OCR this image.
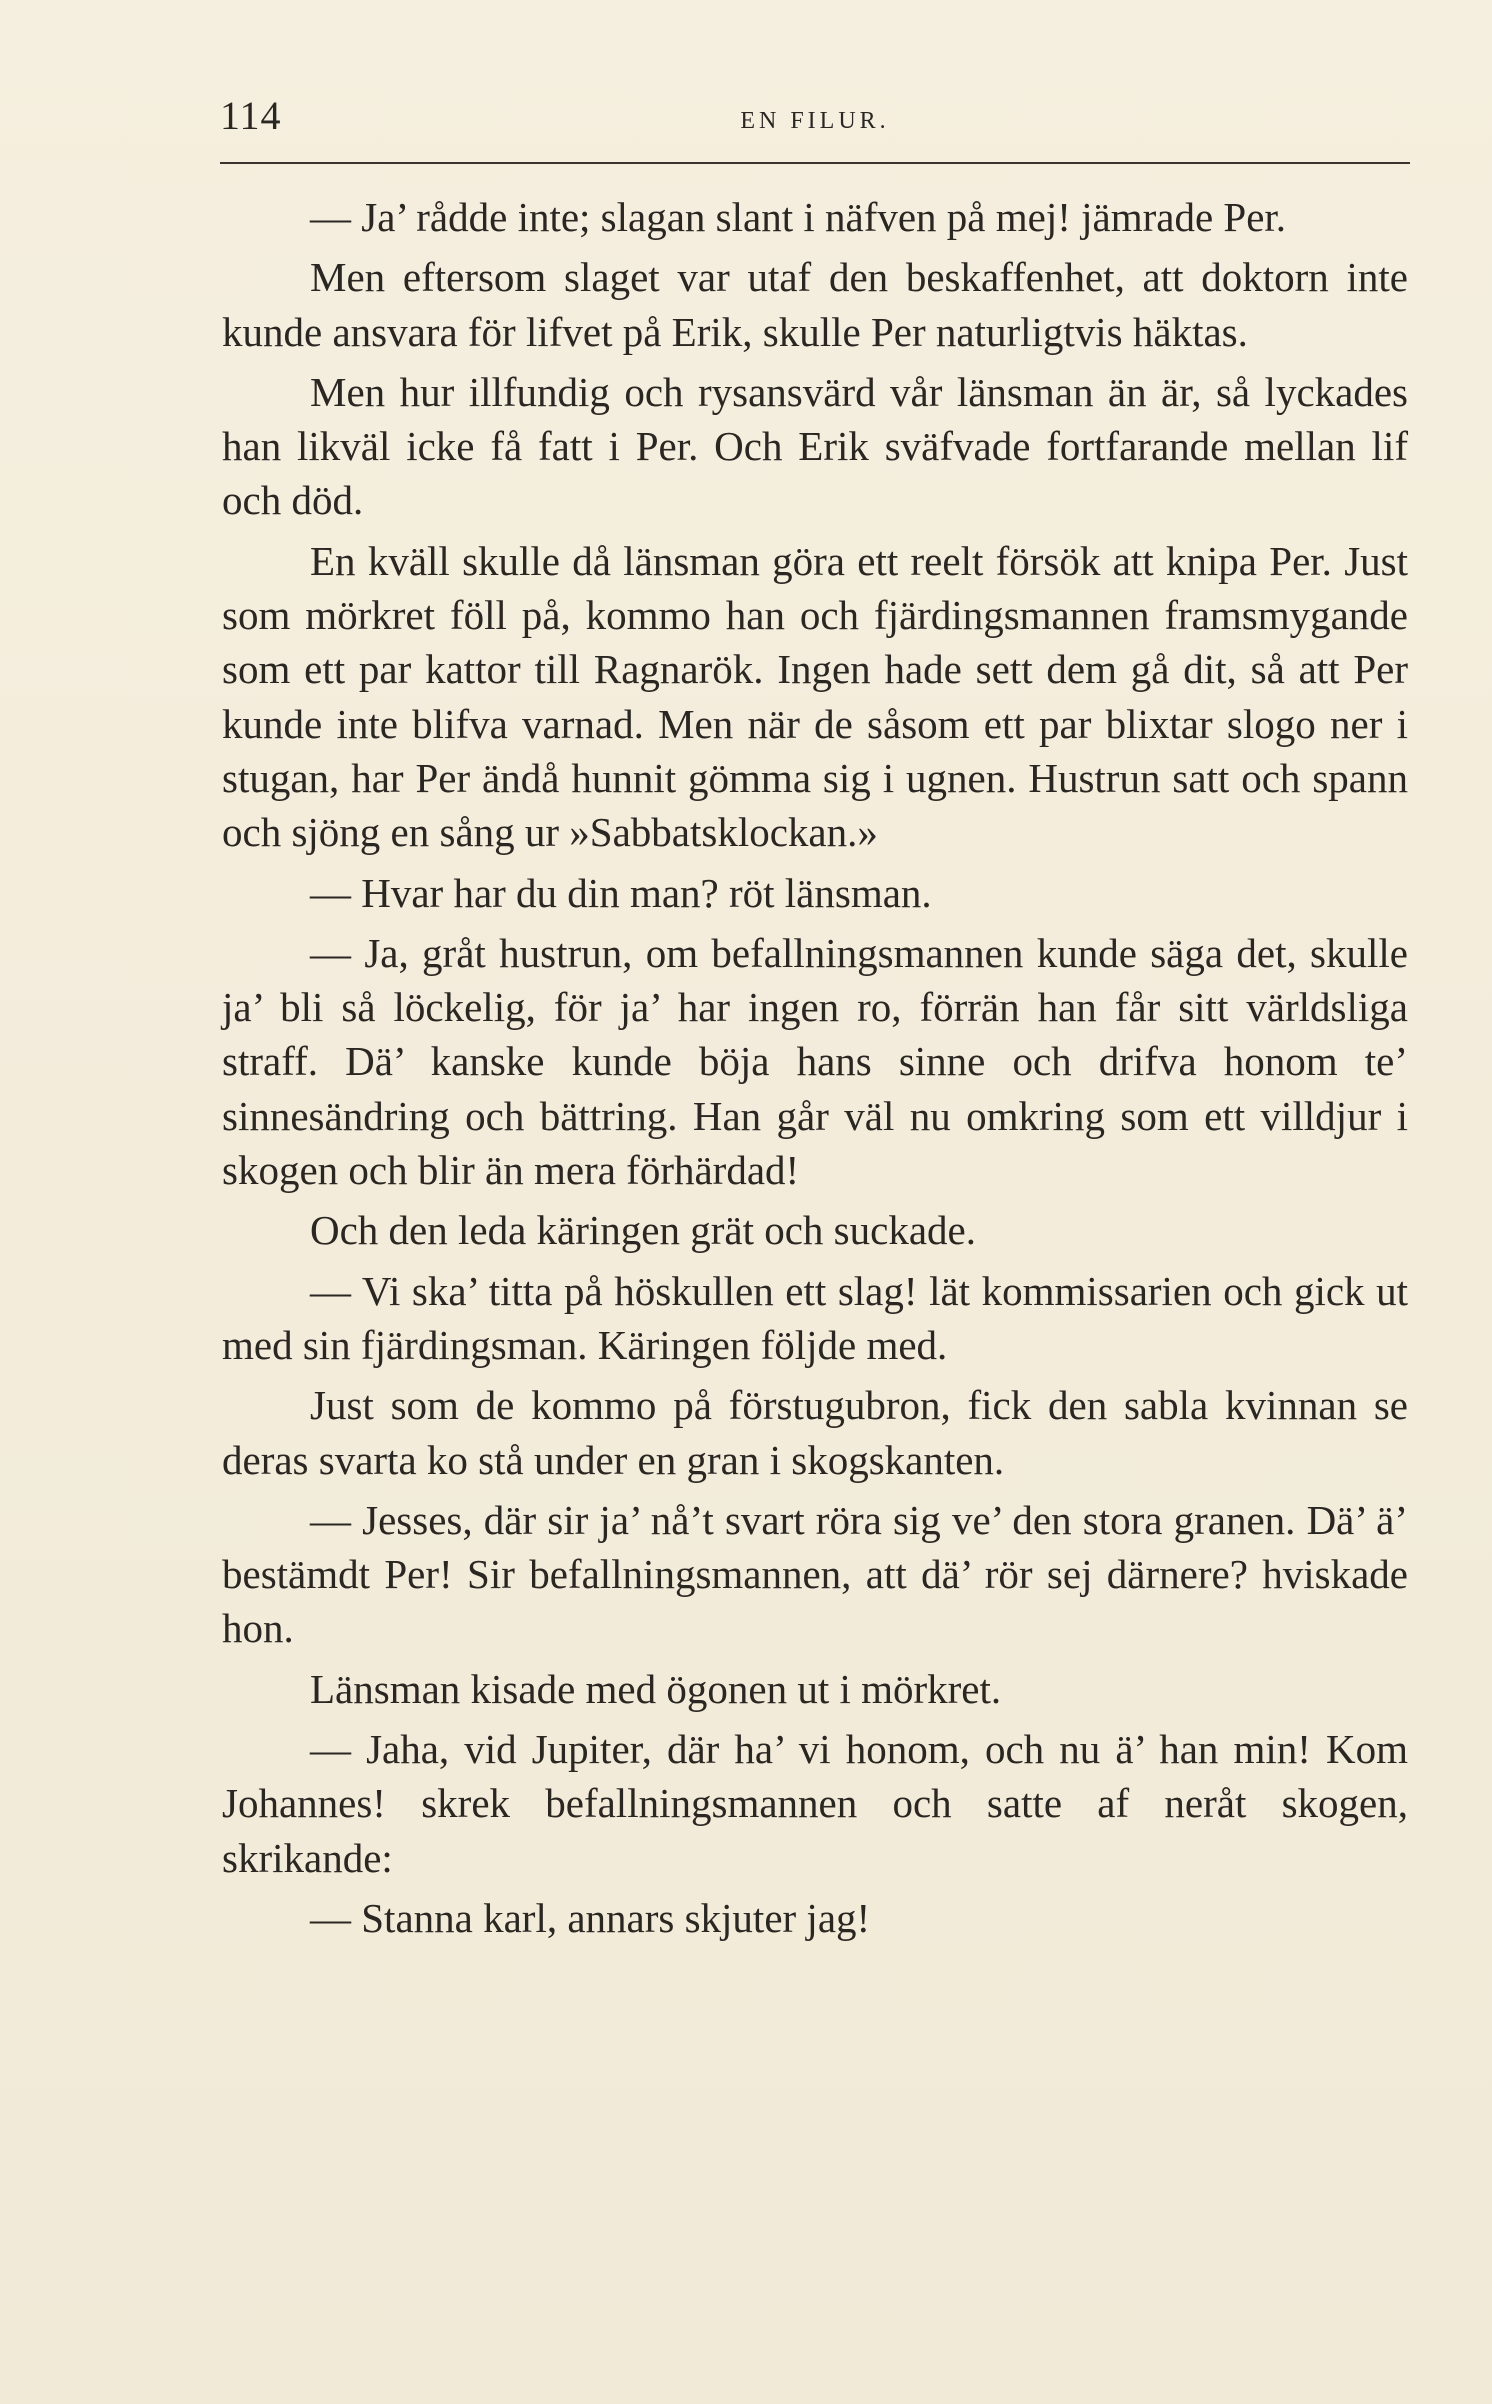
114	EN FILUR.

— Ja’ rådde inte; slagan slant i näfven på mej! jämrade Per.

Men eftersom slaget var utaf den beskaffenhet, att doktorn inte kunde ansvara för lifvet på Erik, skulle Per naturligtvis häktas.

Men hur illfundig och rysansvärd vår länsman än är, så lyckades han likväl icke få fatt i Per. Och Erik sväfvade fortfarande mellan lif och död.

En kväll skulle då länsman göra ett reelt försök att knipa Per. Just som mörkret föll på, kommo han och fjärdingsmannen framsmygande som ett par kattor till Ragnarök. Ingen hade sett dem gå dit, så att Per kunde inte blifva varnad. Men när de såsom ett par blixtar slogo ner i stugan, har Per ändå hunnit gömma sig i ugnen. Hustrun satt och spann och sjöng en sång ur »Sabbatsklockan.»

— Hvar har du din man? röt länsman.

— Ja, gråt hustrun, om befallningsmannen kunde säga det, skulle ja’ bli så löckelig, för ja’ har ingen ro, förrän han får sitt världsliga straff. Dä’ kanske kunde böja hans sinne och drifva honom te’ sinnesändring och bättring. Han går väl nu omkring som ett villdjur i skogen och blir än mera förhärdad!

Och den leda käringen grät och suckade.

— Vi ska’ titta på höskullen ett slag! lät kommissarien och gick ut med sin fjärdingsman. Käringen följde med.

Just som de kommo på förstugubron, fick den sabla kvinnan se deras svarta ko stå under en gran i skogskanten.

— Jesses, där sir ja’ nå’t svart röra sig ve’ den stora granen. Dä’ ä’ bestämdt Per! Sir befallningsmannen, att dä’ rör sej därnere? hviskade hon.

Länsman kisade med ögonen ut i mörkret.

— Jaha, vid Jupiter, där ha’ vi honom, och nu ä’ han min! Kom Johannes! skrek befallningsmannen och satte af neråt skogen, skrikande:

— Stanna karl, annars skjuter jag!
